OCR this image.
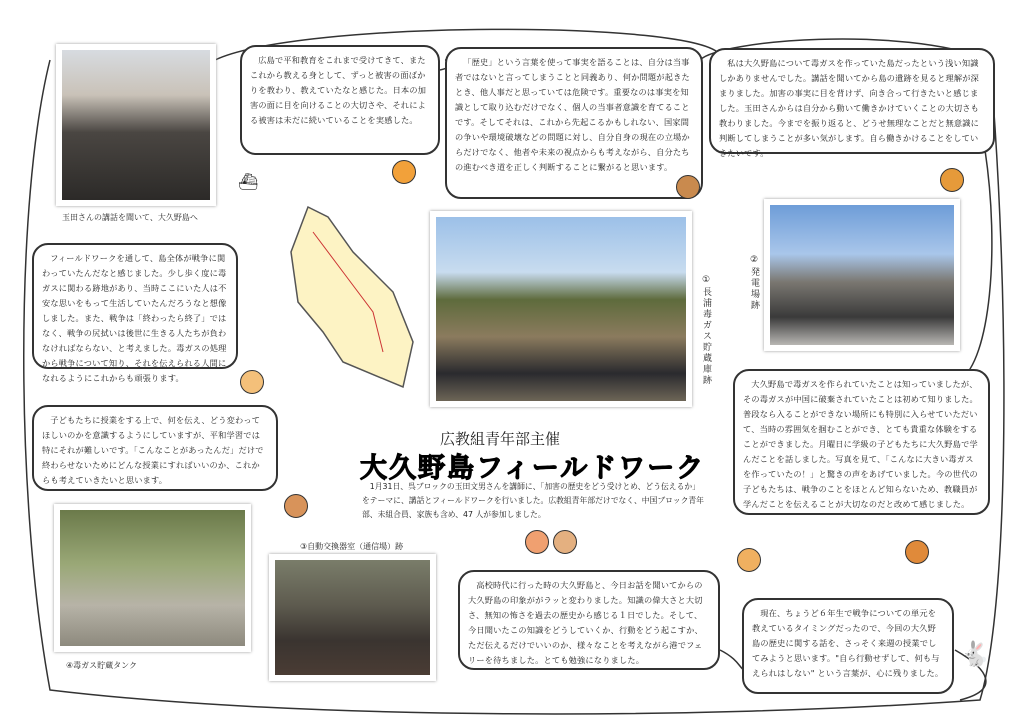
玉田さんの講話を聞いて、大久野島へ
⛴
広島で平和教育をこれまで受けてきて、またこれから教える身として、ずっと被害の面ばかりを教わり、教えていたなと感じた。日本の加害の面に目を向けることの大切さや、それによる被害は未だに続いていることを実感した。
「歴史」という言葉を使って事実を語ることは、自分は当事者ではないと言ってしまうことと同義あり、何か問題が起きたとき、他人事だと思っていては危険です。重要なのは事実を知識として取り込むだけでなく、個人の当事者意識を育てることです。そしてそれは、これから先起こるかもしれない、国家間の争いや環境破壊などの問題に対し、自分自身の現在の立場からだけでなく、他者や未来の視点からも考えながら、自分たちの進むべき道を正しく判断することに繋がると思います。
私は大久野島について毒ガスを作っていた島だったという浅い知識しかありませんでした。講話を聞いてから島の遺跡を見ると理解が深まりました。加害の事実に目を背けず、向き合って行きたいと感じました。玉田さんからは自分から動いて働きかけていくことの大切さも教わりました。今までを振り返ると、どうせ無理なことだと無意識に判断してしまうことが多い気がします。自ら働きかけることをしていきたいです。
①長浦毒ガス貯蔵庫跡	②発電場跡
フィールドワークを通して、島全体が戦争に関わっていたんだなと感じました。少し歩く度に毒ガスに関わる跡地があり、当時ここにいた人は不安な思いをもって生活していたんだろうなと想像しました。また、戦争は「終わったら終了」ではなく、戦争の尻拭いは後世に生きる人たちが負わなければならない、と考えました。毒ガスの処理から戦争について知り、それを伝えられる人間になれるようにこれからも頑張ります。
子どもたちに授業をする上で、何を伝え、どう変わってほしいのかを意識するようにしていますが、平和学習では特にそれが難しいです。「こんなことがあったんだ」だけで終わらせないためにどんな授業にすればいいのか、これからも考えていきたいと思います。
大久野島で毒ガスを作られていたことは知っていましたが、その毒ガスが中国に破棄されていたことは初めて知りました。普段なら入ることができない場所にも特別に入らせていただいて、当時の雰囲気を掴むことができ、とても貴重な体験をすることができました。月曜日に学級の子どもたちに大久野島で学んだことを話しました。写真を見て、「こんなに大きい毒ガスを作っていたの！」と驚きの声をあげていました。今の世代の子どもたちは、戦争のことをほとんど知らないため、教職員が学んだことを伝えることが大切なのだと改めて感じました。
広教組青年部主催
大久野島フィールドワーク
1月31日、呉ブロックの玉田文男さんを講師に、「加害の歴史をどう受けとめ、どう伝えるか」をテーマに、講話とフィールドワークを行いました。広教組青年部だけでなく、中国ブロック青年部、未組合員、家族も含め、47 人が参加しました。
④毒ガス貯蔵タンク
③自動交換器室（通信場）跡
高校時代に行った時の大久野島と、今日お話を聞いてからの大久野島の印象ががラッと変わりました。知識の偉大さと大切さ、無知の怖さを過去の歴史から感じる１日でした。そして、今日聞いたこの知識をどうしていくか、行動をどう起こすか、ただ伝えるだけでいいのか、様々なことを考えながら港でフェリーを待ちました。とても勉強になりました。
現在、ちょうど６年生で戦争についての単元を教えているタイミングだったので、今回の大久野島の歴史に関する話を、さっそく来週の授業でしてみようと思います。"自ら行動せずして、何も与えられはしない" という言葉が、心に残りました。
🐇
